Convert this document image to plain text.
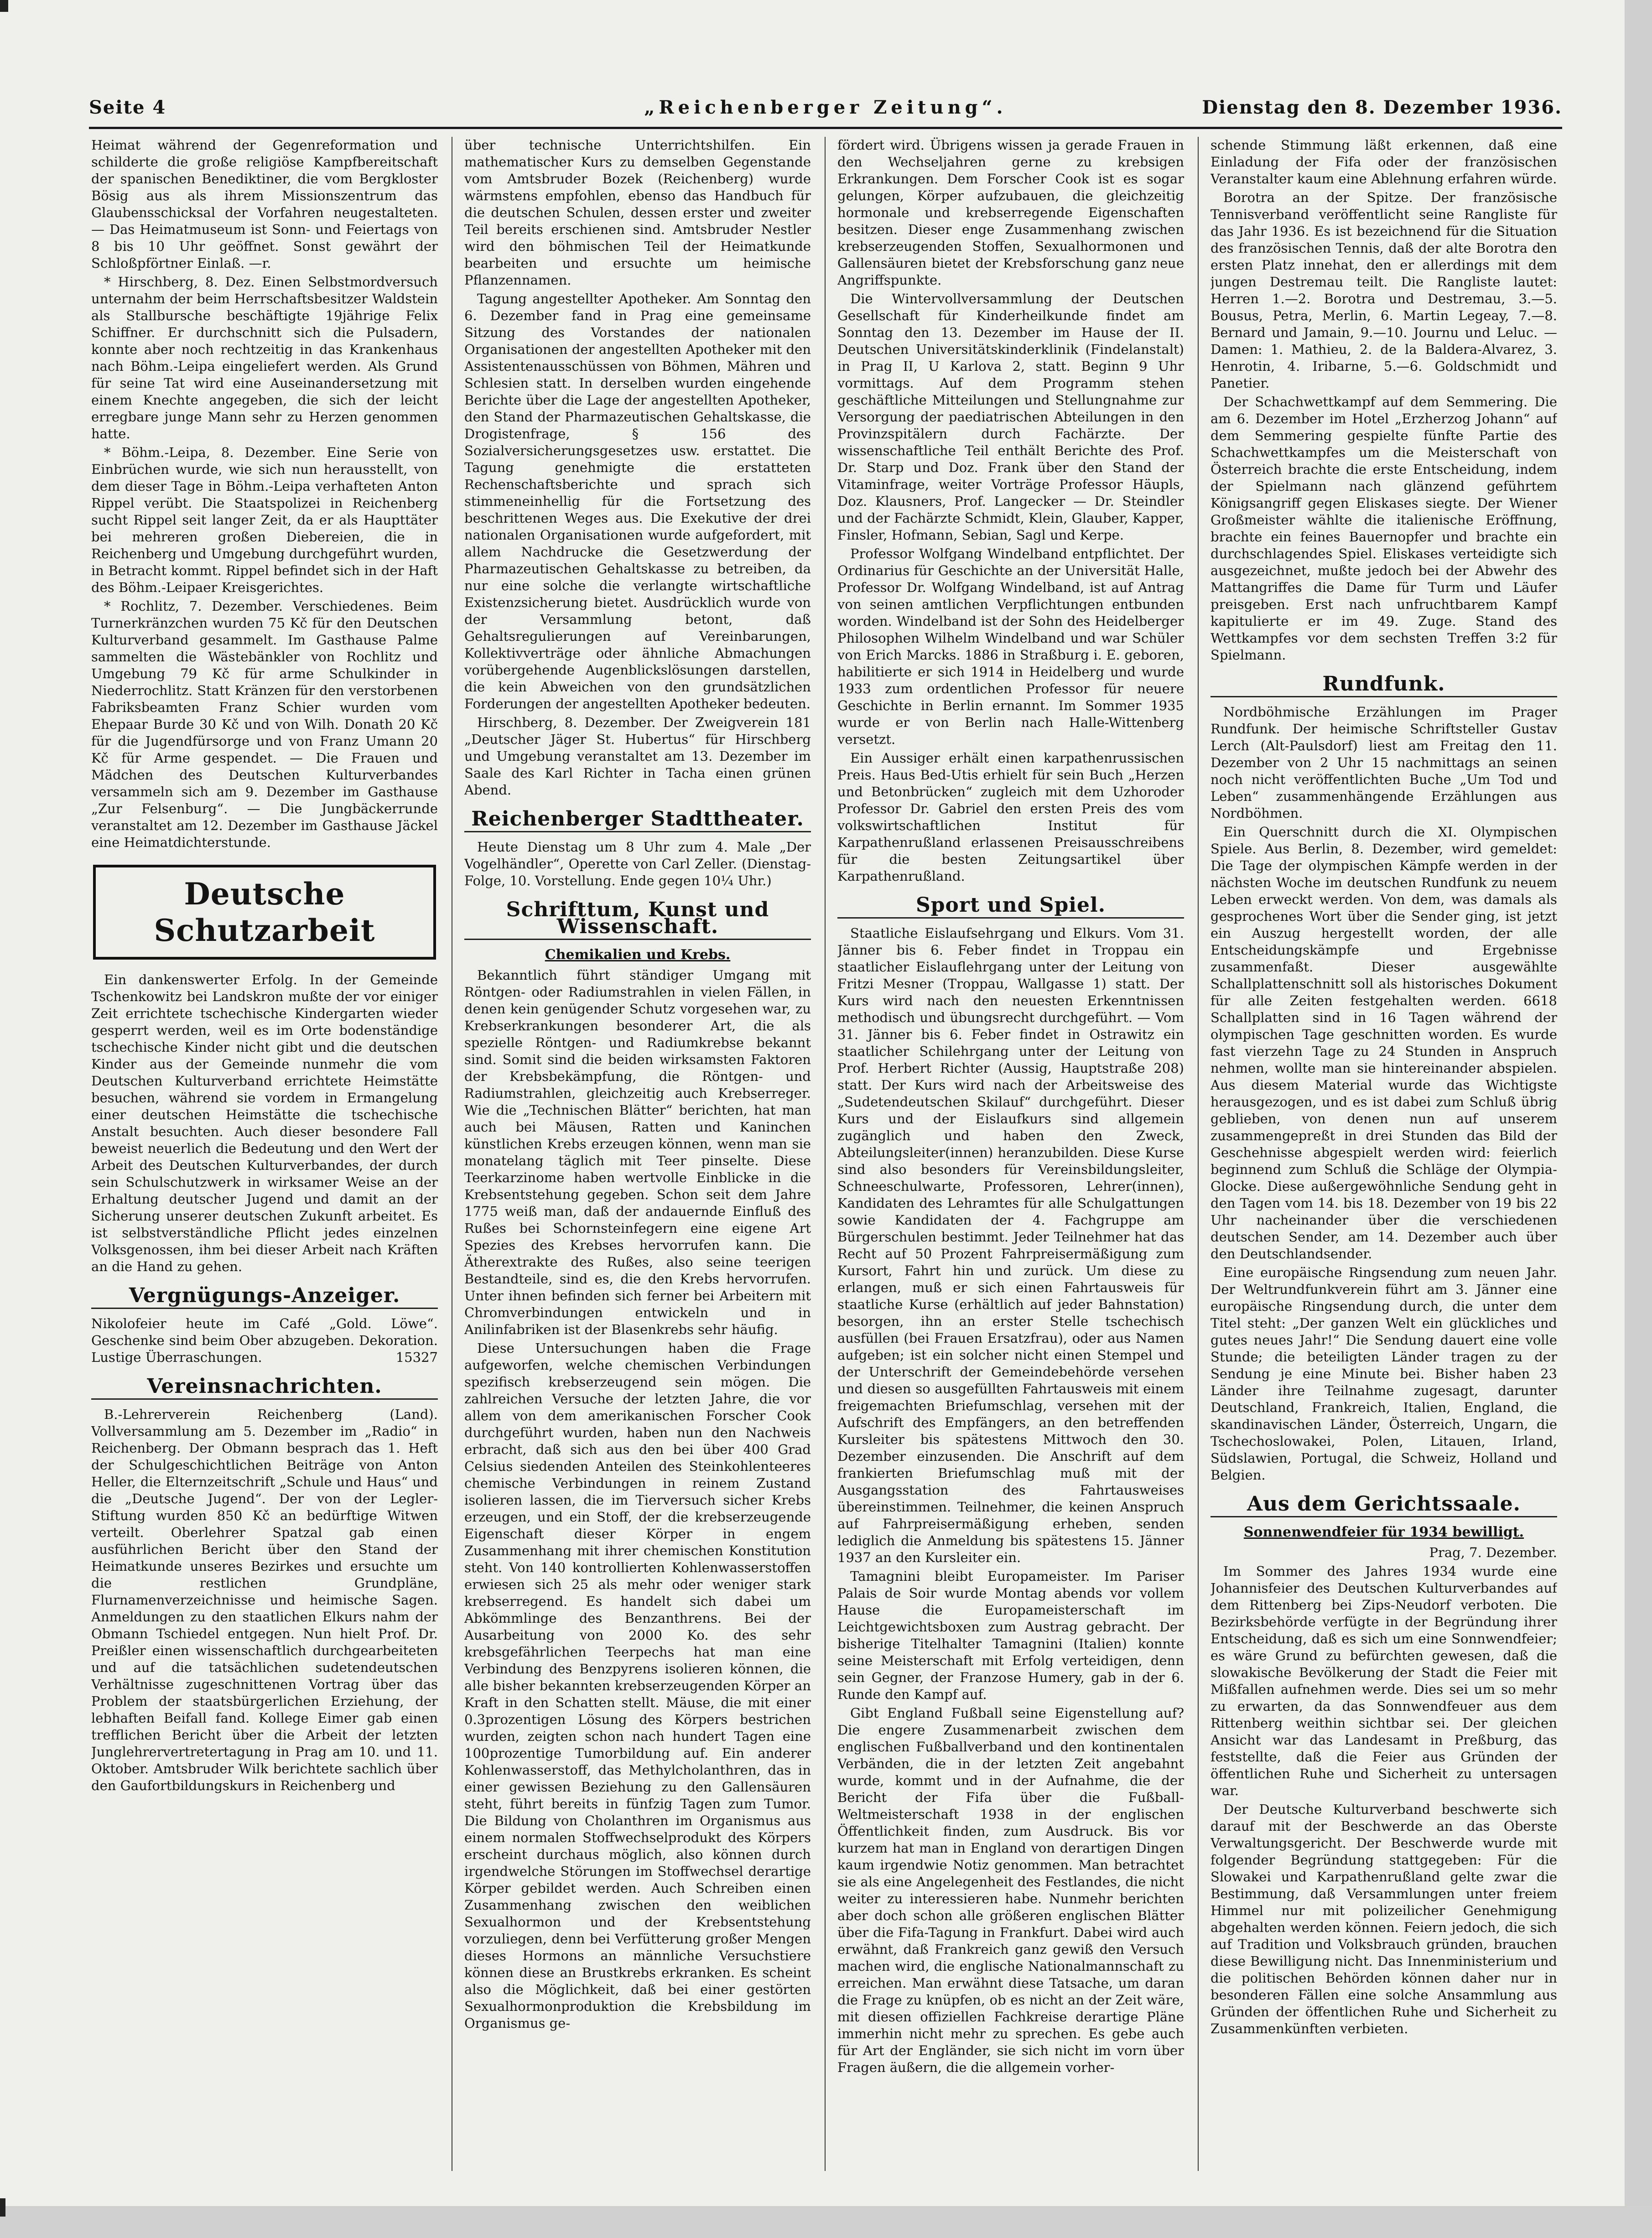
Seite 4	„Reichenberger Zeitung“.	Dienstag den 8. Dezember 1936.

Heimat während der Gegenreformation und schilderte die große religiöse Kampfbereitschaft der spanischen Benediktiner, die vom Bergkloster Bösig aus als ihrem Missionszentrum das Glaubensschicksal der Vorfahren neugestalteten. — Das Heimatmuseum ist Sonn- und Feiertags von 8 bis 10 Uhr geöffnet. Sonst gewährt der Schloßpförtner Einlaß. —r.

* Hirschberg, 8. Dez. Einen Selbstmordversuch unternahm der beim Herrschaftsbesitzer Waldstein als Stallbursche beschäftigte 19jährige Felix Schiffner. Er durchschnitt sich die Pulsadern, konnte aber noch rechtzeitig in das Krankenhaus nach Böhm.-Leipa eingeliefert werden. Als Grund für seine Tat wird eine Auseinandersetzung mit einem Knechte angegeben, die sich der leicht erregbare junge Mann sehr zu Herzen genommen hatte.

* Böhm.-Leipa, 8. Dezember. Eine Serie von Einbrüchen wurde, wie sich nun herausstellt, von dem dieser Tage in Böhm.-Leipa verhafteten Anton Rippel verübt. Die Staatspolizei in Reichenberg sucht Rippel seit langer Zeit, da er als Haupttäter bei mehreren großen Diebereien, die in Reichenberg und Umgebung durchgeführt wurden, in Betracht kommt. Rippel befindet sich in der Haft des Böhm.-Leipaer Kreisgerichtes.

* Rochlitz, 7. Dezember. Verschiedenes. Beim Turnerkränzchen wurden 75 Kč für den Deutschen Kulturverband gesammelt. Im Gasthause Palme sammelten die Wästebänkler von Rochlitz und Umgebung 79 Kč für arme Schulkinder in Niederrochlitz. Statt Kränzen für den verstorbenen Fabriksbeamten Franz Schier wurden vom Ehepaar Burde 30 Kč und von Wilh. Donath 20 Kč für die Jugendfürsorge und von Franz Umann 20 Kč für Arme gespendet. — Die Frauen und Mädchen des Deutschen Kulturverbandes versammeln sich am 9. Dezember im Gasthause „Zur Felsenburg“. — Die Jungbäckerrunde veranstaltet am 12. Dezember im Gasthause Jäckel eine Heimatdichterstunde.

Deutsche Schutzarbeit

Ein dankenswerter Erfolg. In der Gemeinde Tschenkowitz bei Landskron mußte der vor einiger Zeit errichtete tschechische Kindergarten wieder gesperrt werden, weil es im Orte bodenständige tschechische Kinder nicht gibt und die deutschen Kinder aus der Gemeinde nunmehr die vom Deutschen Kulturverband errichtete Heimstätte besuchen, während sie vordem in Ermangelung einer deutschen Heimstätte die tschechische Anstalt besuchten. Auch dieser besondere Fall beweist neuerlich die Bedeutung und den Wert der Arbeit des Deutschen Kulturverbandes, der durch sein Schulschutzwerk in wirksamer Weise an der Erhaltung deutscher Jugend und damit an der Sicherung unserer deutschen Zukunft arbeitet. Es ist selbstverständliche Pflicht jedes einzelnen Volksgenossen, ihm bei dieser Arbeit nach Kräften an die Hand zu gehen.

Vergnügungs-Anzeiger.

Nikolofeier heute im Café „Gold. Löwe“. Geschenke sind beim Ober abzugeben. Dekoration. Lustige Überraschungen.	15327

Vereinsnachrichten.

B.-Lehrerverein Reichenberg (Land). Vollversammlung am 5. Dezember im „Radio“ in Reichenberg. Der Obmann besprach das 1. Heft der Schulgeschichtlichen Beiträge von Anton Heller, die Elternzeitschrift „Schule und Haus“ und die „Deutsche Jugend“. Der von der Legler-Stiftung wurden 850 Kč an bedürftige Witwen verteilt. Oberlehrer Spatzal gab einen ausführlichen Bericht über den Stand der Heimatkunde unseres Bezirkes und ersuchte um die restlichen Grundpläne, Flurnamenverzeichnisse und heimische Sagen. Anmeldungen zu den staatlichen Elkurs nahm der Obmann Tschiedel entgegen. Nun hielt Prof. Dr. Preißler einen wissenschaftlich durchgearbeiteten und auf die tatsächlichen sudetendeutschen Verhältnisse zugeschnittenen Vortrag über das Problem der staatsbürgerlichen Erziehung, der lebhaften Beifall fand. Kollege Eimer gab einen trefflichen Bericht über die Arbeit der letzten Junglehrervertretertagung in Prag am 10. und 11. Oktober. Amtsbruder Wilk berichtete sachlich über den Gaufortbildungskurs in Reichenberg und

über technische Unterrichtshilfen. Ein mathematischer Kurs zu demselben Gegenstande vom Amtsbruder Bozek (Reichenberg) wurde wärmstens empfohlen, ebenso das Handbuch für die deutschen Schulen, dessen erster und zweiter Teil bereits erschienen sind. Amtsbruder Nestler wird den böhmischen Teil der Heimatkunde bearbeiten und ersuchte um heimische Pflanzennamen.

Tagung angestellter Apotheker. Am Sonntag den 6. Dezember fand in Prag eine gemeinsame Sitzung des Vorstandes der nationalen Organisationen der angestellten Apotheker mit den Assistentenausschüssen von Böhmen, Mähren und Schlesien statt. In derselben wurden eingehende Berichte über die Lage der angestellten Apotheker, den Stand der Pharmazeutischen Gehaltskasse, die Drogistenfrage, § 156 des Sozialversicherungsgesetzes usw. erstattet. Die Tagung genehmigte die erstatteten Rechenschaftsberichte und sprach sich stimmeneinhellig für die Fortsetzung des beschrittenen Weges aus. Die Exekutive der drei nationalen Organisationen wurde aufgefordert, mit allem Nachdrucke die Gesetzwerdung der Pharmazeutischen Gehaltskasse zu betreiben, da nur eine solche die verlangte wirtschaftliche Existenzsicherung bietet. Ausdrücklich wurde von der Versammlung betont, daß Gehaltsregulierungen auf Vereinbarungen, Kollektivverträge oder ähnliche Abmachungen vorübergehende Augenblickslösungen darstellen, die kein Abweichen von den grundsätzlichen Forderungen der angestellten Apotheker bedeuten.

Hirschberg, 8. Dezember. Der Zweigverein 181 „Deutscher Jäger St. Hubertus“ für Hirschberg und Umgebung veranstaltet am 13. Dezember im Saale des Karl Richter in Tacha einen grünen Abend.

Reichenberger Stadttheater.

Heute Dienstag um 8 Uhr zum 4. Male „Der Vogelhändler“, Operette von Carl Zeller. (Dienstag-Folge, 10. Vorstellung. Ende gegen 10¼ Uhr.)

Schrifttum, Kunst und Wissenschaft.
Chemikalien und Krebs.

Bekanntlich führt ständiger Umgang mit Röntgen- oder Radiumstrahlen in vielen Fällen, in denen kein genügender Schutz vorgesehen war, zu Krebserkrankungen besonderer Art, die als spezielle Röntgen- und Radiumkrebse bekannt sind. Somit sind die beiden wirksamsten Faktoren der Krebsbekämpfung, die Röntgen- und Radiumstrahlen, gleichzeitig auch Krebserreger. Wie die „Technischen Blätter“ berichten, hat man auch bei Mäusen, Ratten und Kaninchen künstlichen Krebs erzeugen können, wenn man sie monatelang täglich mit Teer pinselte. Diese Teerkarzinome haben wertvolle Einblicke in die Krebsentstehung gegeben. Schon seit dem Jahre 1775 weiß man, daß der andauernde Einfluß des Rußes bei Schornsteinfegern eine eigene Art Spezies des Krebses hervorrufen kann. Die Ätherextrakte des Rußes, also seine teerigen Bestandteile, sind es, die den Krebs hervorrufen. Unter ihnen befinden sich ferner bei Arbeitern mit Chromverbindungen entwickeln und in Anilinfabriken ist der Blasenkrebs sehr häufig.

Diese Untersuchungen haben die Frage aufgeworfen, welche chemischen Verbindungen spezifisch krebserzeugend sein mögen. Die zahlreichen Versuche der letzten Jahre, die vor allem von dem amerikanischen Forscher Cook durchgeführt wurden, haben nun den Nachweis erbracht, daß sich aus den bei über 400 Grad Celsius siedenden Anteilen des Steinkohlenteeres chemische Verbindungen in reinem Zustand isolieren lassen, die im Tierversuch sicher Krebs erzeugen, und ein Stoff, der die krebserzeugende Eigenschaft dieser Körper in engem Zusammenhang mit ihrer chemischen Konstitution steht. Von 140 kontrollierten Kohlenwasserstoffen erwiesen sich 25 als mehr oder weniger stark krebserregend. Es handelt sich dabei um Abkömmlinge des Benzanthrens. Bei der Ausarbeitung von 2000 Ko. des sehr krebsgefährlichen Teerpechs hat man eine Verbindung des Benzpyrens isolieren können, die alle bisher bekannten krebserzeugenden Körper an Kraft in den Schatten stellt. Mäuse, die mit einer 0.3prozentigen Lösung des Körpers bestrichen wurden, zeigten schon nach hundert Tagen eine 100prozentige Tumorbildung auf. Ein anderer Kohlenwasserstoff, das Methylcholanthren, das in einer gewissen Beziehung zu den Gallensäuren steht, führt bereits in fünfzig Tagen zum Tumor. Die Bildung von Cholanthren im Organismus aus einem normalen Stoffwechselprodukt des Körpers erscheint durchaus möglich, also können durch irgendwelche Störungen im Stoffwechsel derartige Körper gebildet werden. Auch Schreiben einen Zusammenhang zwischen den weiblichen Sexualhormon und der Krebsentstehung vorzuliegen, denn bei Verfütterung großer Mengen dieses Hormons an männliche Versuchstiere können diese an Brustkrebs erkranken. Es scheint also die Möglichkeit, daß bei einer gestörten Sexualhormonproduktion die Krebsbildung im Organismus ge-

fördert wird. Übrigens wissen ja gerade Frauen in den Wechseljahren gerne zu krebsigen Erkrankungen. Dem Forscher Cook ist es sogar gelungen, Körper aufzubauen, die gleichzeitig hormonale und krebserregende Eigenschaften besitzen. Dieser enge Zusammenhang zwischen krebserzeugenden Stoffen, Sexualhormonen und Gallensäuren bietet der Krebsforschung ganz neue Angriffspunkte.

Die Wintervollversammlung der Deutschen Gesellschaft für Kinderheilkunde findet am Sonntag den 13. Dezember im Hause der II. Deutschen Universitätskinderklinik (Findelanstalt) in Prag II, U Karlova 2, statt. Beginn 9 Uhr vormittags. Auf dem Programm stehen geschäftliche Mitteilungen und Stellungnahme zur Versorgung der paediatrischen Abteilungen in den Provinzspitälern durch Fachärzte. Der wissenschaftliche Teil enthält Berichte des Prof. Dr. Starp und Doz. Frank über den Stand der Vitaminfrage, weiter Vorträge Professor Häupls, Doz. Klausners, Prof. Langecker — Dr. Steindler und der Fachärzte Schmidt, Klein, Glauber, Kapper, Finsler, Hofmann, Sebian, Sagl und Kerpe.

Professor Wolfgang Windelband entpflichtet. Der Ordinarius für Geschichte an der Universität Halle, Professor Dr. Wolfgang Windelband, ist auf Antrag von seinen amtlichen Verpflichtungen entbunden worden. Windelband ist der Sohn des Heidelberger Philosophen Wilhelm Windelband und war Schüler von Erich Marcks. 1886 in Straßburg i. E. geboren, habilitierte er sich 1914 in Heidelberg und wurde 1933 zum ordentlichen Professor für neuere Geschichte in Berlin ernannt. Im Sommer 1935 wurde er von Berlin nach Halle-Wittenberg versetzt.

Ein Aussiger erhält einen karpathenrussischen Preis. Haus Bed-Utis erhielt für sein Buch „Herzen und Betonbrücken“ zugleich mit dem Uzhoroder Professor Dr. Gabriel den ersten Preis des vom volkswirtschaftlichen Institut für Karpathenrußland erlassenen Preisausschreibens für die besten Zeitungsartikel über Karpathenrußland.

Sport und Spiel.

Staatliche Eislaufsehrgang und Elkurs. Vom 31. Jänner bis 6. Feber findet in Troppau ein staatlicher Eislauflehrgang unter der Leitung von Fritzi Mesner (Troppau, Wallgasse 1) statt. Der Kurs wird nach den neuesten Erkenntnissen methodisch und übungsrecht durchgeführt. — Vom 31. Jänner bis 6. Feber findet in Ostrawitz ein staatlicher Schilehrgang unter der Leitung von Prof. Herbert Richter (Aussig, Hauptstraße 208) statt. Der Kurs wird nach der Arbeitsweise des „Sudetendeutschen Skilauf“ durchgeführt. Dieser Kurs und der Eislaufkurs sind allgemein zugänglich und haben den Zweck, Abteilungsleiter(innen) heranzubilden. Diese Kurse sind also besonders für Vereinsbildungsleiter, Schneeschulwarte, Professoren, Lehrer(innen), Kandidaten des Lehramtes für alle Schulgattungen sowie Kandidaten der 4. Fachgruppe am Bürgerschulen bestimmt. Jeder Teilnehmer hat das Recht auf 50 Prozent Fahrpreisermäßigung zum Kursort, Fahrt hin und zurück. Um diese zu erlangen, muß er sich einen Fahrtausweis für staatliche Kurse (erhältlich auf jeder Bahnstation) besorgen, ihn an erster Stelle tschechisch ausfüllen (bei Frauen Ersatzfrau), oder aus Namen aufgeben; ist ein solcher nicht einen Stempel und der Unterschrift der Gemeindebehörde versehen und diesen so ausgefüllten Fahrtausweis mit einem freigemachten Briefumschlag, versehen mit der Aufschrift des Empfängers, an den betreffenden Kursleiter bis spätestens Mittwoch den 30. Dezember einzusenden. Die Anschrift auf dem frankierten Briefumschlag muß mit der Ausgangsstation des Fahrtausweises übereinstimmen. Teilnehmer, die keinen Anspruch auf Fahrpreisermäßigung erheben, senden lediglich die Anmeldung bis spätestens 15. Jänner 1937 an den Kursleiter ein.

Tamagnini bleibt Europameister. Im Pariser Palais de Soir wurde Montag abends vor vollem Hause die Europameisterschaft im Leichtgewichtsboxen zum Austrag gebracht. Der bisherige Titelhalter Tamagnini (Italien) konnte seine Meisterschaft mit Erfolg verteidigen, denn sein Gegner, der Franzose Humery, gab in der 6. Runde den Kampf auf.

Gibt England Fußball seine Eigenstellung auf? Die engere Zusammenarbeit zwischen dem englischen Fußballverband und den kontinentalen Verbänden, die in der letzten Zeit angebahnt wurde, kommt und in der Aufnahme, die der Bericht der Fifa über die Fußball-Weltmeisterschaft 1938 in der englischen Öffentlichkeit finden, zum Ausdruck. Bis vor kurzem hat man in England von derartigen Dingen kaum irgendwie Notiz genommen. Man betrachtet sie als eine Angelegenheit des Festlandes, die nicht weiter zu interessieren habe. Nunmehr berichten aber doch schon alle größeren englischen Blätter über die Fifa-Tagung in Frankfurt. Dabei wird auch erwähnt, daß Frankreich ganz gewiß den Versuch machen wird, die englische Nationalmannschaft zu erreichen. Man erwähnt diese Tatsache, um daran die Frage zu knüpfen, ob es nicht an der Zeit wäre, mit diesen offiziellen Fachkreise derartige Pläne immerhin nicht mehr zu sprechen. Es gebe auch für Art der Engländer, sie sich nicht im vorn über Fragen äußern, die die allgemein vorher-

schende Stimmung läßt erkennen, daß eine Einladung der Fifa oder der französischen Veranstalter kaum eine Ablehnung erfahren würde.

Borotra an der Spitze. Der französische Tennisverband veröffentlicht seine Rangliste für das Jahr 1936. Es ist bezeichnend für die Situation des französischen Tennis, daß der alte Borotra den ersten Platz innehat, den er allerdings mit dem jungen Destremau teilt. Die Rangliste lautet: Herren 1.—2. Borotra und Destremau, 3.—5. Bousus, Petra, Merlin, 6. Martin Legeay, 7.—8. Bernard und Jamain, 9.—10. Journu und Leluc. — Damen: 1. Mathieu, 2. de la Baldera-Alvarez, 3. Henrotin, 4. Iribarne, 5.—6. Goldschmidt und Panetier.

Der Schachwettkampf auf dem Semmering. Die am 6. Dezember im Hotel „Erzherzog Johann“ auf dem Semmering gespielte fünfte Partie des Schachwettkampfes um die Meisterschaft von Österreich brachte die erste Entscheidung, indem der Spielmann nach glänzend geführtem Königsangriff gegen Eliskases siegte. Der Wiener Großmeister wählte die italienische Eröffnung, brachte ein feines Bauernopfer und brachte ein durchschlagendes Spiel. Eliskases verteidigte sich ausgezeichnet, mußte jedoch bei der Abwehr des Mattangriffes die Dame für Turm und Läufer preisgeben. Erst nach unfruchtbarem Kampf kapitulierte er im 49. Zuge. Stand des Wettkampfes vor dem sechsten Treffen 3:2 für Spielmann.

Rundfunk.

Nordböhmische Erzählungen im Prager Rundfunk. Der heimische Schriftsteller Gustav Lerch (Alt-Paulsdorf) liest am Freitag den 11. Dezember von 2 Uhr 15 nachmittags an seinen noch nicht veröffentlichten Buche „Um Tod und Leben“ zusammenhängende Erzählungen aus Nordböhmen.

Ein Querschnitt durch die XI. Olympischen Spiele. Aus Berlin, 8. Dezember, wird gemeldet: Die Tage der olympischen Kämpfe werden in der nächsten Woche im deutschen Rundfunk zu neuem Leben erweckt werden. Von dem, was damals als gesprochenes Wort über die Sender ging, ist jetzt ein Auszug hergestellt worden, der alle Entscheidungskämpfe und Ergebnisse zusammenfaßt. Dieser ausgewählte Schallplattenschnitt soll als historisches Dokument für alle Zeiten festgehalten werden. 6618 Schallplatten sind in 16 Tagen während der olympischen Tage geschnitten worden. Es wurde fast vierzehn Tage zu 24 Stunden in Anspruch nehmen, wollte man sie hintereinander abspielen. Aus diesem Material wurde das Wichtigste herausgezogen, und es ist dabei zum Schluß übrig geblieben, von denen nun auf unserem zusammengepreßt in drei Stunden das Bild der Geschehnisse abgespielt werden wird: feierlich beginnend zum Schluß die Schläge der Olympia-Glocke. Diese außergewöhnliche Sendung geht in den Tagen vom 14. bis 18. Dezember von 19 bis 22 Uhr nacheinander über die verschiedenen deutschen Sender, am 14. Dezember auch über den Deutschlandsender.

Eine europäische Ringsendung zum neuen Jahr. Der Weltrundfunkverein führt am 3. Jänner eine europäische Ringsendung durch, die unter dem Titel steht: „Der ganzen Welt ein glückliches und gutes neues Jahr!“ Die Sendung dauert eine volle Stunde; die beteiligten Länder tragen zu der Sendung je eine Minute bei. Bisher haben 23 Länder ihre Teilnahme zugesagt, darunter Deutschland, Frankreich, Italien, England, die skandinavischen Länder, Österreich, Ungarn, die Tschechoslowakei, Polen, Litauen, Irland, Südslawien, Portugal, die Schweiz, Holland und Belgien.

Aus dem Gerichtssaale.
Sonnenwendfeier für 1934 bewilligt.

Prag, 7. Dezember.

Im Sommer des Jahres 1934 wurde eine Johannisfeier des Deutschen Kulturverbandes auf dem Rittenberg bei Zips-Neudorf verboten. Die Bezirksbehörde verfügte in der Begründung ihrer Entscheidung, daß es sich um eine Sonnwendfeier; es wäre Grund zu befürchten gewesen, daß die slowakische Bevölkerung der Stadt die Feier mit Mißfallen aufnehmen werde. Dies sei um so mehr zu erwarten, da das Sonnwendfeuer aus dem Rittenberg weithin sichtbar sei. Der gleichen Ansicht war das Landesamt in Preßburg, das feststellte, daß die Feier aus Gründen der öffentlichen Ruhe und Sicherheit zu untersagen war.

Der Deutsche Kulturverband beschwerte sich darauf mit der Beschwerde an das Oberste Verwaltungsgericht. Der Beschwerde wurde mit folgender Begründung stattgegeben: Für die Slowakei und Karpathenrußland gelte zwar die Bestimmung, daß Versammlungen unter freiem Himmel nur mit polizeilicher Genehmigung abgehalten werden können. Feiern jedoch, die sich auf Tradition und Volksbrauch gründen, brauchen diese Bewilligung nicht. Das Innenministerium und die politischen Behörden können daher nur in besonderen Fällen eine solche Ansammlung aus Gründen der öffentlichen Ruhe und Sicherheit zu Zusammenkünften verbieten.
